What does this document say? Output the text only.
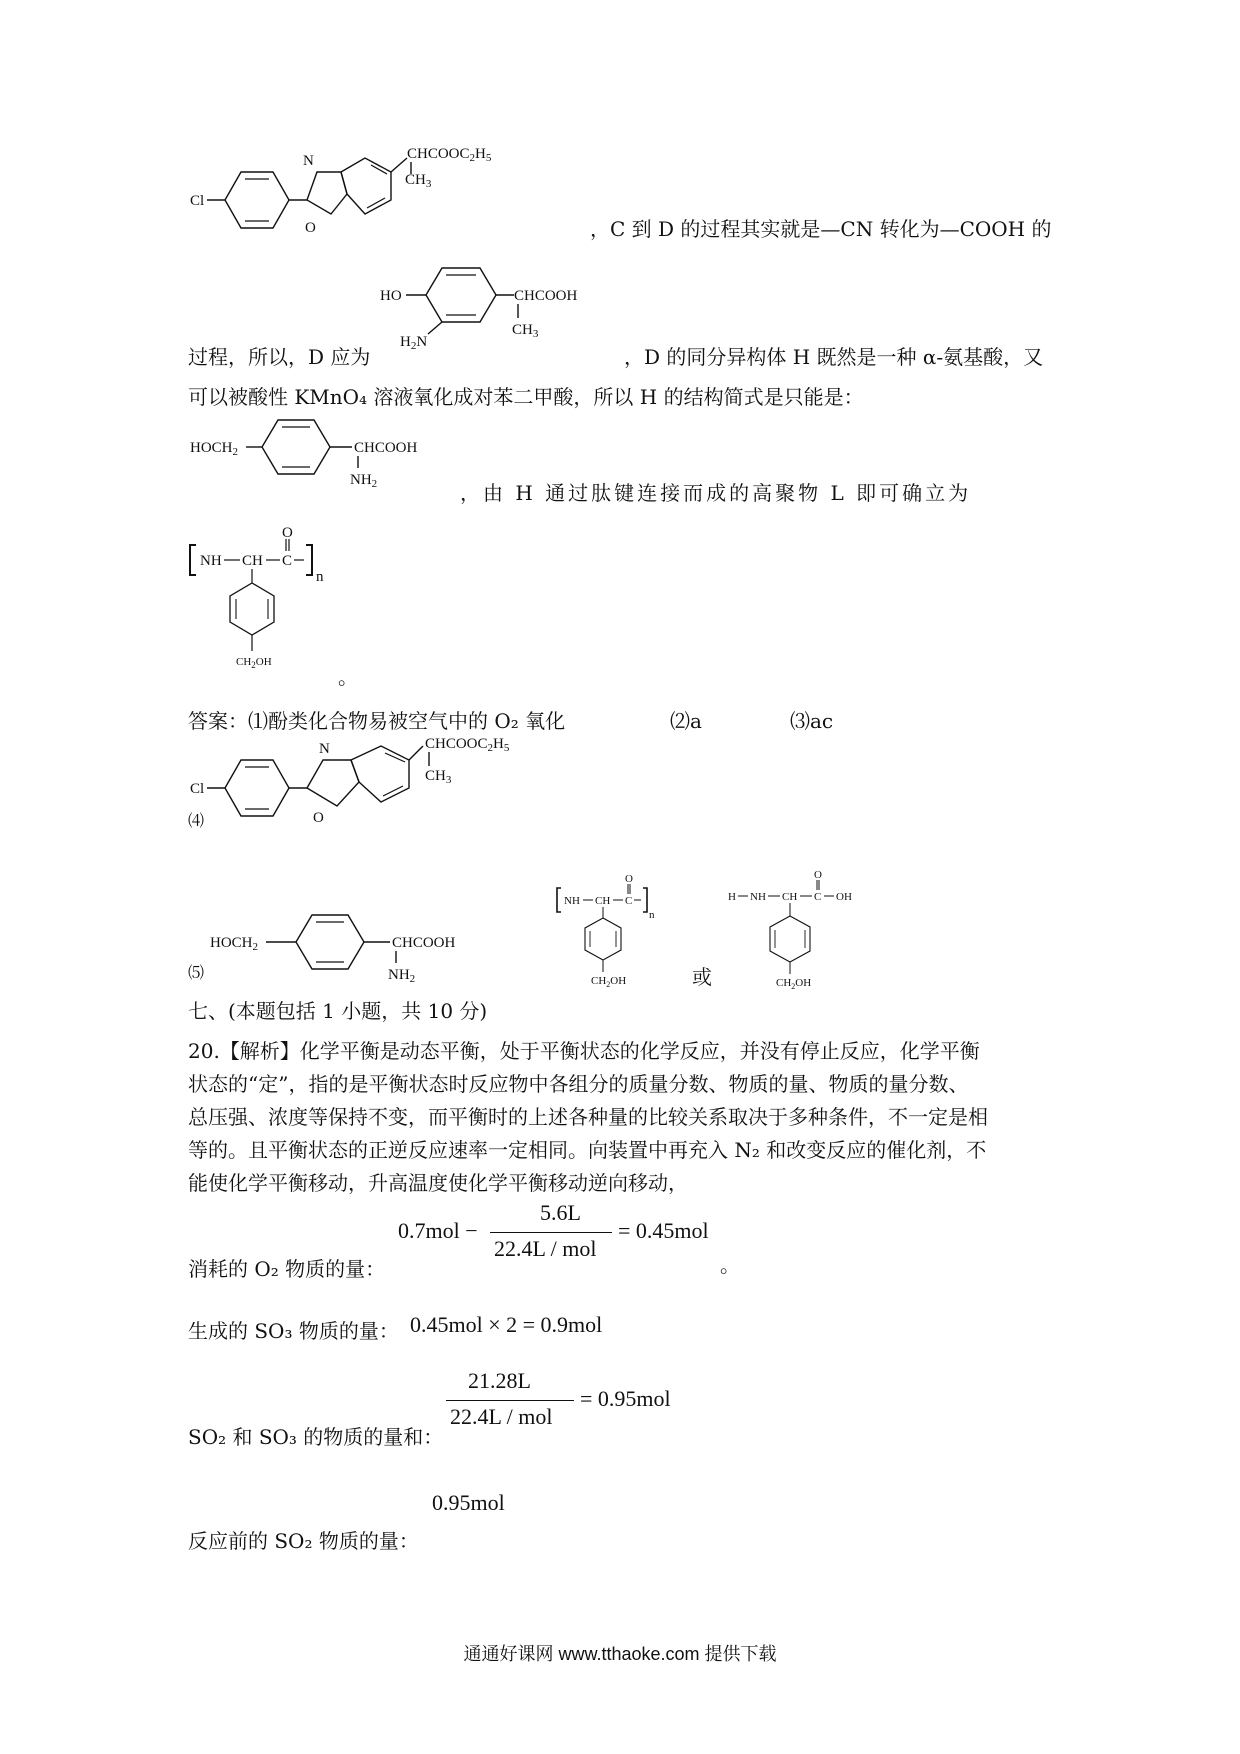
Cl
N
O
$CHCOOC_2H_5$
$CH_3$
，C 到 D 的过程其实就是—CN 转化为—COOH 的
HO
$H_2N$
CHCOOH
$CH_3$
过程，所以，D 应为	，D 的同分异构体 H 既然是一种 α-氨基酸，又
可以被酸性 KMnO₄ 溶液氧化成对苯二甲酸，所以 H 的结构简式是只能是：
$HOCH_2$	CHCOOH
$NH_2$	，由 H 通过肽键连接而成的高聚物 L 即可确立为
NH CH C
O
n
$CH_2OH$
。
答案：⑴酚类化合物易被空气中的 O₂ 氧化	⑵a	⑶ac
Cl
N
O
$CHCOOC_2H_5$
$CH_3$
⑷
$HOCH_2$	CHCOOH
$NH_2$
⑸
NH CH C
O
n
$CH_2OH$	或
H NH CH C
O
OH
$CH_2OH$
七、(本题包括 1 小题，共 10 分)
20.【解析】化学平衡是动态平衡，处于平衡状态的化学反应，并没有停止反应，化学平衡
状态的“定”，指的是平衡状态时反应物中各组分的质量分数、物质的量、物质的量分数、
总压强、浓度等保持不变，而平衡时的上述各种量的比较关系取决于多种条件，不一定是相
等的。且平衡状态的正逆反应速率一定相同。向装置中再充入 N₂ 和改变反应的催化剂，不
能使化学平衡移动，升高温度使化学平衡移动逆向移动，
消耗的 O₂ 物质的量：
0.7mol −
5.6L
22.4L / mol
= 0.45mol
。
生成的 SO₃ 物质的量： 0.45mol × 2 = 0.9mol
21.28L
22.4L / mol
= 0.95mol
SO₂ 和 SO₃ 的物质的量和：
0.95mol
反应前的 SO₂ 物质的量：
通通好课网 www.tthaoke.com 提供下载
